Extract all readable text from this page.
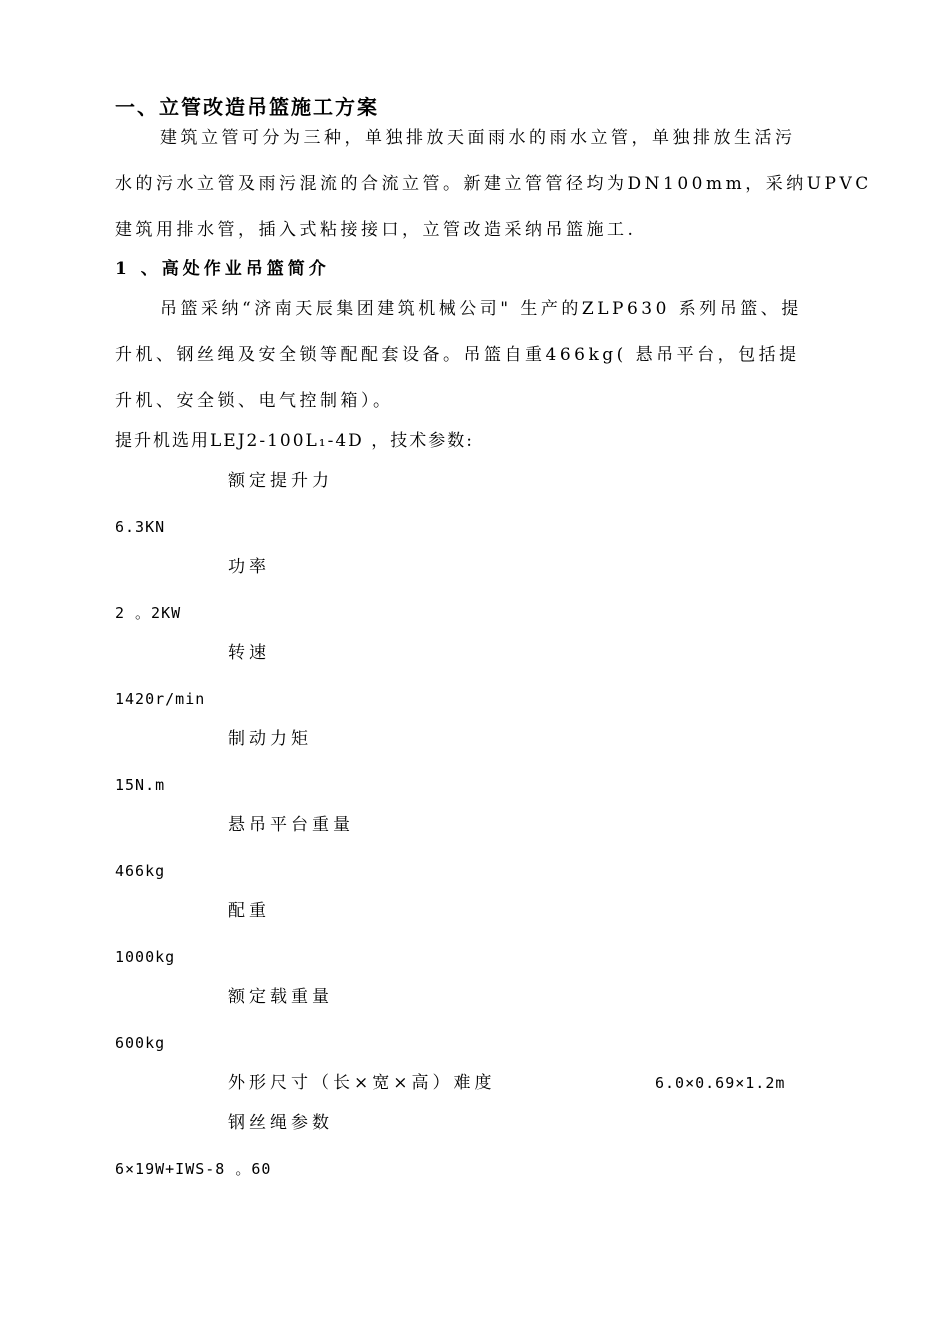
一、立管改造吊篮施工方案
建筑立管可分为三种，单独排放天面雨水的雨水立管，单独排放生活污
水的污水立管及雨污混流的合流立管。新建立管管径均为DN100mm，采纳UPVC
建筑用排水管，插入式粘接接口，立管改造采纳吊篮施工.
1 、高处作业吊篮简介
吊篮采纳“济南天辰集团建筑机械公司" 生产的ZLP630 系列吊篮、提
升机、钢丝绳及安全锁等配配套设备。吊篮自重466kg( 悬吊平台，包括提
升机、安全锁、电气控制箱）。
提升机选用LEJ2-100L₁-4D ，技术参数:
额定提升力
6.3KN
功率
2 。2KW
转速
1420r/min
制动力矩
15N.m
悬吊平台重量
466kg
配重
1000kg
额定载重量
600kg
外形尺寸（长×宽×高）难度	6.0×0.69×1.2m
钢丝绳参数
6×19W+IWS-8 。60
